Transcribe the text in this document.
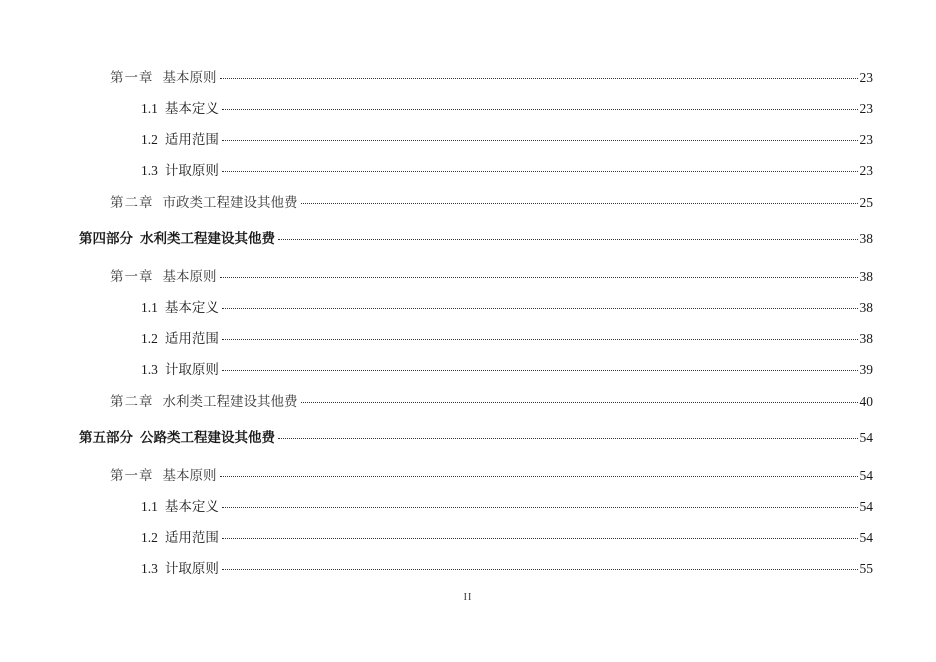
第一章 基本原则	23
1.1 基本定义	23
1.2 适用范围	23
1.3 计取原则	23
第二章 市政类工程建设其他费	25
第四部分 水利类工程建设其他费	38
第一章 基本原则	38
1.1 基本定义	38
1.2 适用范围	38
1.3 计取原则	39
第二章 水利类工程建设其他费	40
第五部分 公路类工程建设其他费	54
第一章 基本原则	54
1.1 基本定义	54
1.2 适用范围	54
1.3 计取原则	55
II
